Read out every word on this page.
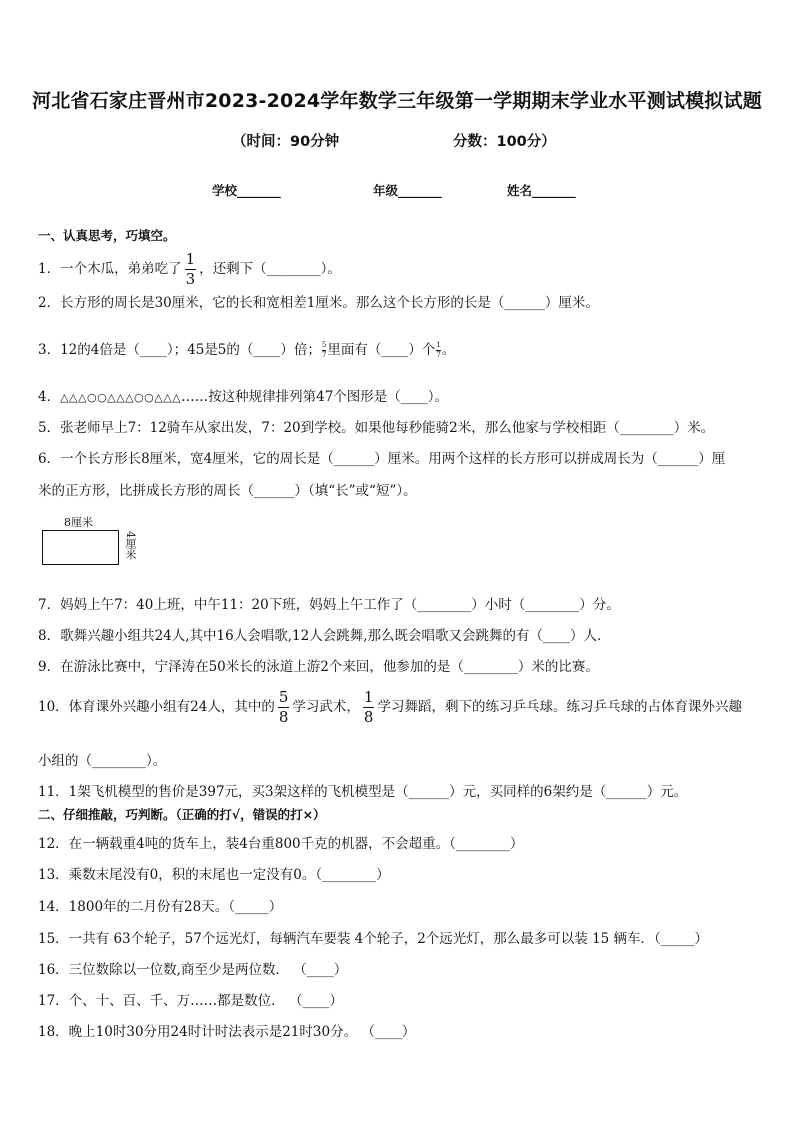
河北省石家庄晋州市2023-2024学年数学三年级第一学期期末学业水平测试模拟试题
（时间：90分钟	分数：100分）
学校_______	年级_______	姓名_______
一、认真思考，巧填空。
1．一个木瓜，弟弟吃了 $\frac{1}{3}$ ，还剩下（________）。
2．长方形的周长是30厘米，它的长和宽相差1厘米。那么这个长方形的长是（______）厘米。
3．12的4倍是（____）；45是5的（____）倍；$\frac{5}{7}$里面有（____）个$\frac{1}{7}$。
4．△△△○○△△△○○△△△……按这种规律排列第47个图形是（____）。
5．张老师早上7：12骑车从家出发，7：20到学校。如果他每秒能骑2米，那么他家与学校相距（________）米。
6．一个长方形长8厘米，宽4厘米，它的周长是（______）厘米。用两个这样的长方形可以拼成周长为（______）厘
米的正方形，比拼成长方形的周长（______）（填“长”或“短”）。
8厘米
4厘米
7．妈妈上午7：40上班，中午11：20下班，妈妈上午工作了（________）小时（________）分。
8．歌舞兴趣小组共24人,其中16人会唱歌,12人会跳舞,那么既会唱歌又会跳舞的有（____）人．
9．在游泳比赛中，宁泽涛在50米长的泳道上游2个来回，他参加的是（________）米的比赛。
10．体育课外兴趣小组有24人，其中的 $\frac{5}{8}$ 学习武术， $\frac{1}{8}$ 学习舞蹈，剩下的练习乒乓球。练习乒乓球的占体育课外兴趣
小组的（________）。
11．1架飞机模型的售价是397元，买3架这样的飞机模型是（______）元，买同样的6架约是（______）元。
二、仔细推敲，巧判断。（正确的打√，错误的打×）
12．在一辆载重4吨的货车上，装4台重800千克的机器，不会超重。（________）
13．乘数末尾没有0，积的末尾也一定没有0。（________）
14．1800年的二月份有28天。（_____）
15．一共有 63个轮子，57个远光灯，每辆汽车要装 4个轮子，2个远光灯，那么最多可以装 15 辆车．（_____）
16．三位数除以一位数,商至少是两位数． （____）
17．个、十、百、千、万……都是数位． （____）
18．晚上10时30分用24时计时法表示是21时30分。 （____）
